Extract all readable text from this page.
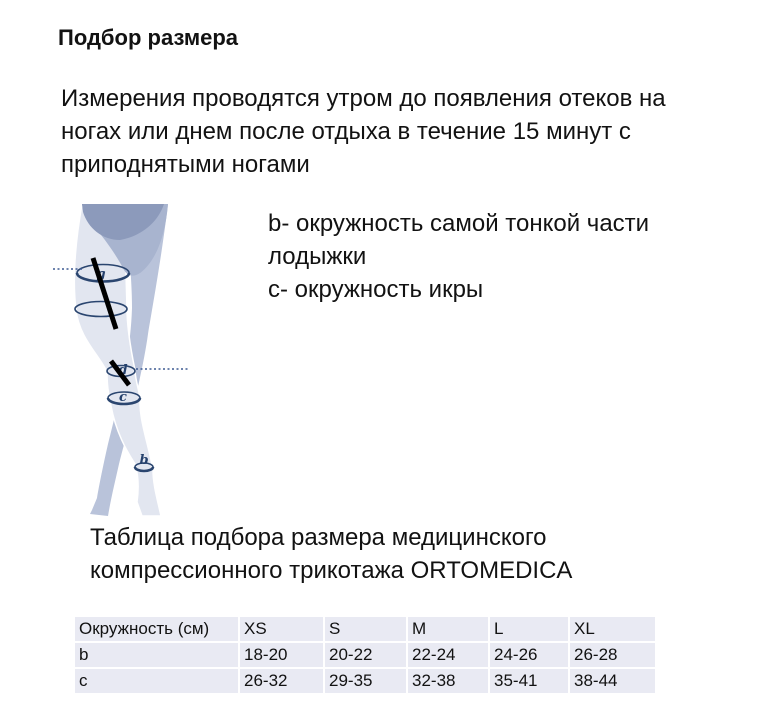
Подбор размера
Измерения проводятся утром до появления отеков на
ногах или днем после отдыха в течение 15 минут с
приподнятыми ногами
g
d
c
b
b- окружность самой тонкой части
лодыжки
c- окружность икры
Таблица подбора размера медицинского
компрессионного трикотажа ORTOMEDICA
Окружность (см)	XS	S	M	L	XL
b	18-20	20-22	22-24	24-26	26-28
c	26-32	29-35	32-38	35-41	38-44
